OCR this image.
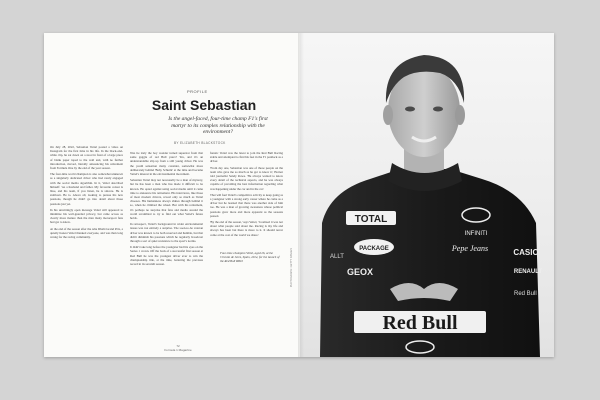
PROFILE
Saint Sebastian
Is the angel-faced, four-time champ F1's first martyr to its complex relationship with the environment?
BY ELIZABETH BLACKSTOCK

On July 28, 2022, Sebastian Vettel posted a video on Instagram for the first time in his life. In the black-and-white clip, he sat down on a stool in front of a large piece of blank paper taped to the wall and, with no further introduction, moved, literally announcing his retirement from Formula One by the end of the year season.

The four-time world champion is also somewhat unknown as a singularly dedicated driver who had rarely engaged with the social media algorithm. In it, Vettel described himself: 'As a husband and father. My favourite colour is blue, and his team, if you listen, he is sincere. He is stubborn. He is. Above all, looking to pursue his new passions, though he didn't go into detail about those passions just yet.

In his unwittingly open message Vettel still appeared to minimize his well-guarded privacy, but came across as clearly more mature than the man many motorsport fans had got to know.

At the end of the season after the Abu Dhabi Grand Prix, a quietly honest Vettel thanked everyone, and was then long wrung for the racing community.

Was he truly the boy wonder turned superstar from that same gaggle of red Bull years? Yes, and it's an understandable slip up from a still young driver. He was the youth sensation many consider, somewhat more deliberately behind 'Baby Schumi' at the time and became Vettel's interest in the environmental movement.

Sebastian Vettel may not necessarily be a man of mystery, but he has been a man who has made it difficult to be known. He opted against using social media until it came time to announce his retirement. His interviews, like those of most modern drivers, reveal only so much as Vettel chooses. His humanness always shines through behind it so, when he climbed the wheel. But with his retirement, it's perhaps no surprise that fans and media around the world scrambled to try to find out what Vettel's future holds.

In retrospect, Vettel's background in wider environmental issues was not entirely a surprise. The soon-to-be veteran driver was known to be both reserved and humble, but that didn't diminish his passions which he regularly broadcast through a sort of quiet resistance to the sport's norms.

It didn't take long before the youngster had his eyes on the Series 1 crown. Off the back of a successful first season at Red Bull he was the youngest driver ever to win the championship title, at the time, bettering the previous record in its seventh season.

fanatic Vettel was the latest to join the Red Bull Racing stable and attempted to find his feet in the F1 paddock as a driver.

'From day one, Sebastian was one of those people on the team who gave me so much as he got to know it,' Horner told journalist Sandy Rowe. 'He always wanted to know every detail of the technical aspects, and he was always capable of providing the best information regarding what was happening under the car and in the car.'

That will fuel Vettel's competitive activity to keep going as a youngster with a strong early career where he came as a driver but he learned that there was another side of him too. He was a man of growing awareness whose political passions grew more and more apparent as the seasons passed.

'By the end of the season,' says Vettel, 'I realised it was not about what people said about me. Racing is my life and always has been but there is more to it. It should never come at the cost of the world we share.'

Four-time champion Vettel, aged 26, at the Circuito de Jerez, Spain, 2014, for the launch of the Red Bull RB10	PHOTOGRAPH: GETTY IMAGES
72
Formula 1 Magazine
TOTAL
INFINITI
CASIO
PACKAGE	Pepe Jeans
GEOX	RENAULT
Red Bull
ALLT
Red Bull
